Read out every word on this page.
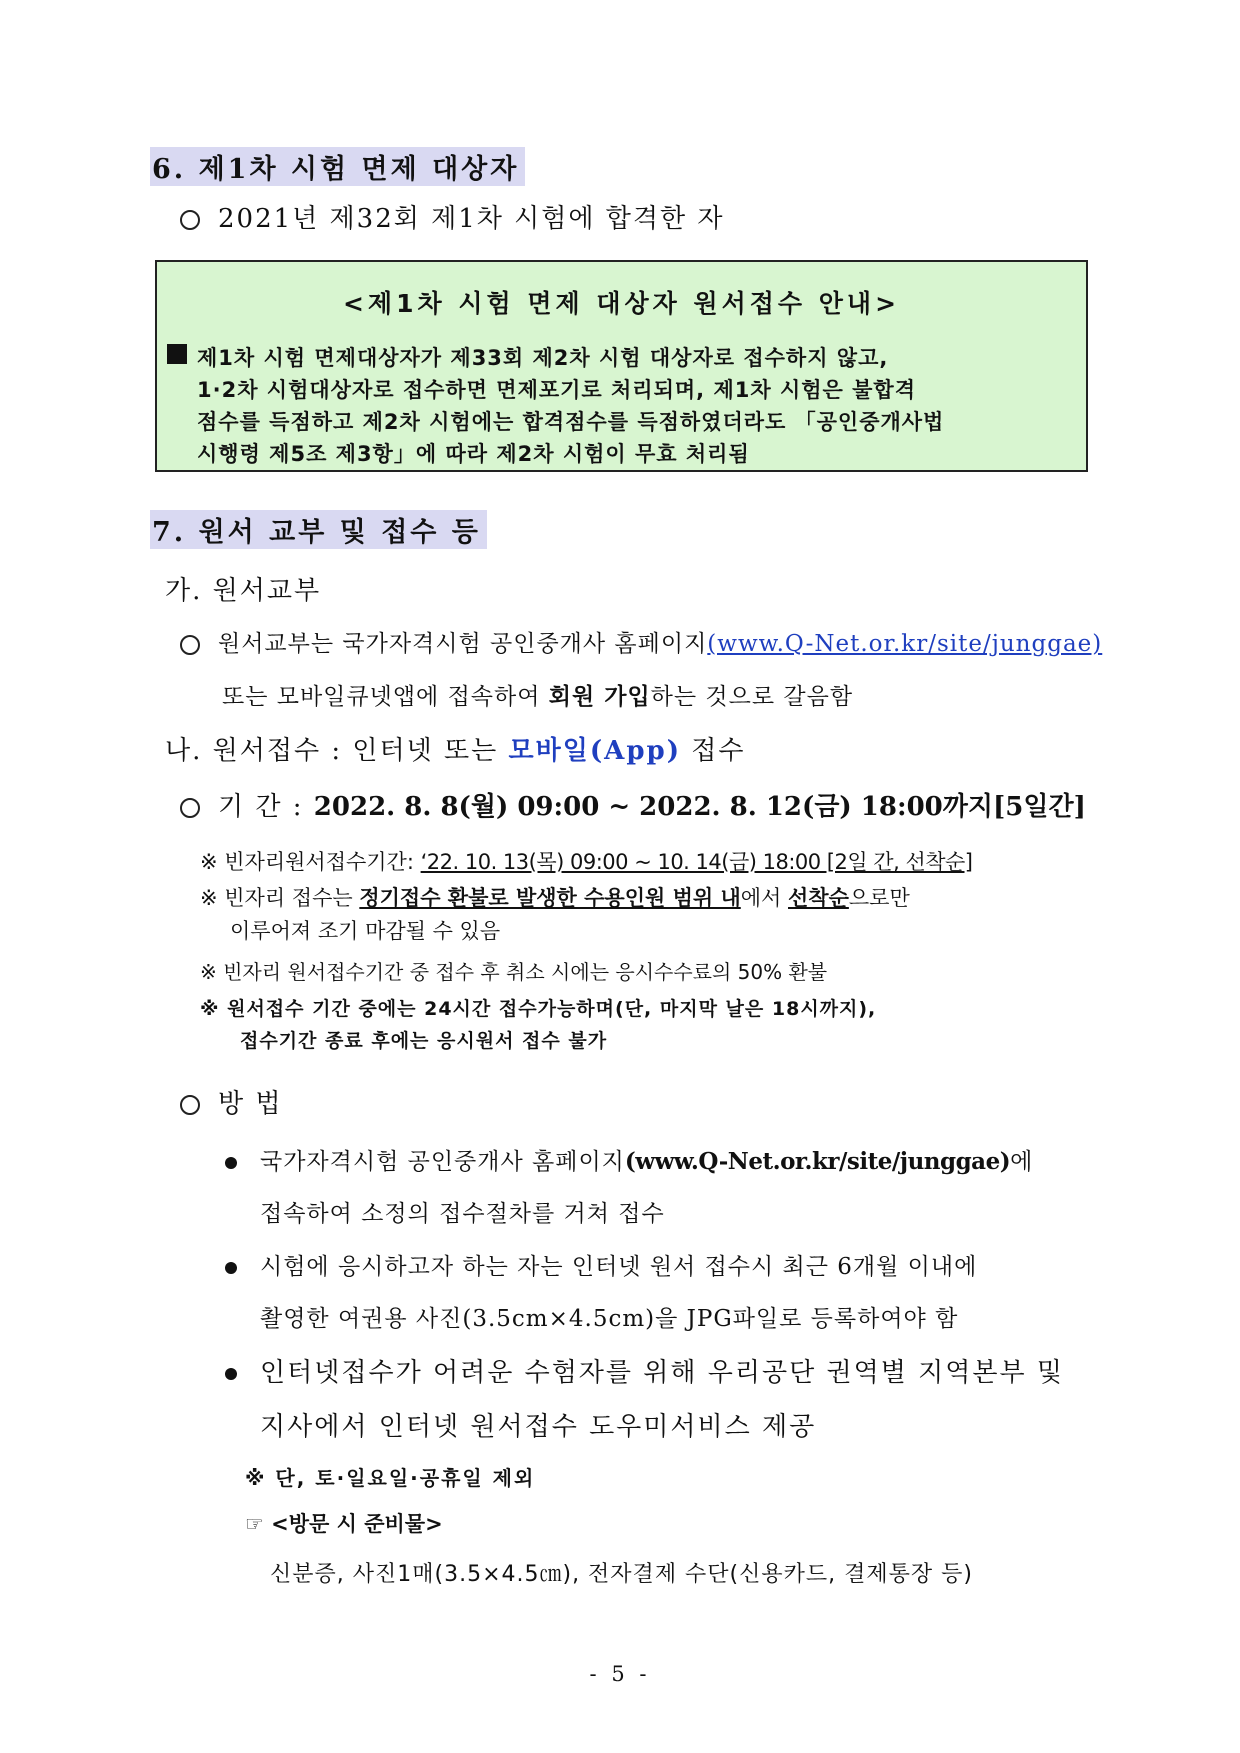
6. 제1차 시험 면제 대상자
2021년 제32회 제1차 시험에 합격한 자
<제1차 시험 면제 대상자 원서접수 안내>
제1차 시험 면제대상자가 제33회 제2차 시험 대상자로 접수하지 않고,
1·2차 시험대상자로 접수하면 면제포기로 처리되며, 제1차 시험은 불합격
점수를 득점하고 제2차 시험에는 합격점수를 득점하였더라도 「공인중개사법
시행령 제5조 제3항」에 따라 제2차 시험이 무효 처리됨
7. 원서 교부 및 접수 등
가. 원서교부
원서교부는 국가자격시험 공인중개사 홈페이지(www.Q-Net.or.kr/site/junggae)
또는 모바일큐넷앱에 접속하여 회원 가입하는 것으로 갈음함
나. 원서접수 : 인터넷 또는 모바일(App) 접수
기 간 : 2022. 8. 8(월) 09:00 ~ 2022. 8. 12(금) 18:00까지[5일간]
※ 빈자리원서접수기간: ‘22. 10. 13(목) 09:00 ~ 10. 14(금) 18:00 [2일 간, 선착순]
※ 빈자리 접수는 정기접수 환불로 발생한 수용인원 범위 내에서 선착순으로만
이루어져 조기 마감될 수 있음
※ 빈자리 원서접수기간 중 접수 후 취소 시에는 응시수수료의 50% 환불
※ 원서접수 기간 중에는 24시간 접수가능하며(단, 마지막 날은 18시까지),
접수기간 종료 후에는 응시원서 접수 불가
방 법
국가자격시험 공인중개사 홈페이지(www.Q-Net.or.kr/site/junggae)에
접속하여 소정의 접수절차를 거쳐 접수
시험에 응시하고자 하는 자는 인터넷 원서 접수시 최근 6개월 이내에
촬영한 여권용 사진(3.5cm×4.5cm)을 JPG파일로 등록하여야 함
인터넷접수가 어려운 수험자를 위해 우리공단 권역별 지역본부 및
지사에서 인터넷 원서접수 도우미서비스 제공
※ 단, 토·일요일·공휴일 제외
☞ <방문 시 준비물>
신분증, 사진1매(3.5×4.5㎝), 전자결제 수단(신용카드, 결제통장 등)
- 5 -
